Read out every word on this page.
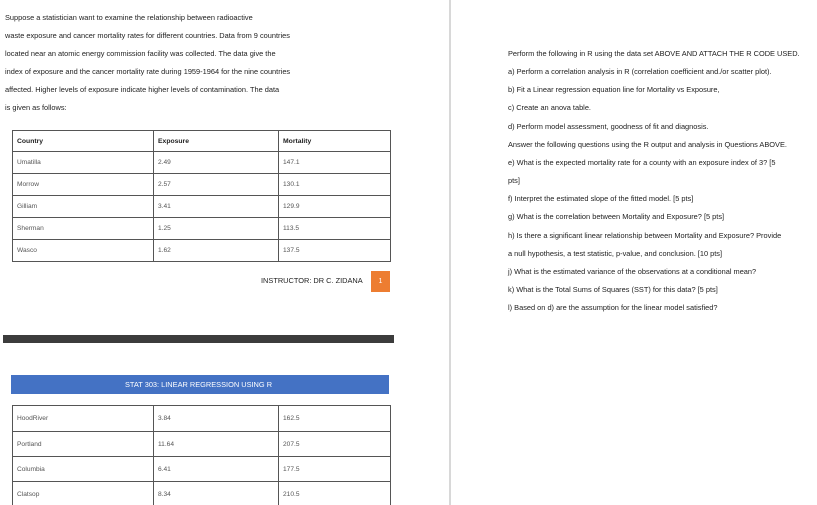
Suppose a statistician want to examine the relationship between radioactive

waste exposure and cancer mortality rates for different countries. Data from 9 countries

located near an atomic energy commission facility was collected. The data give the

index of exposure and the cancer mortality rate during 1959-1964 for the nine countries

affected. Higher levels of exposure indicate higher levels of contamination. The data

is given as follows:

Country	Exposure	Mortality
Umatilla	2.49	147.1
Morrow	2.57	130.1
Gilliam	3.41	129.9
Sherman	1.25	113.5
Wasco	1.62	137.5
INSTRUCTOR: DR C. ZIDANA	1
STAT 303: LINEAR REGRESSION USING R
HoodRiver	3.84	162.5
Portland	11.64	207.5
Columbia	6.41	177.5
Clatsop	8.34	210.5

Perform the following in R using the data set ABOVE AND ATTACH THE R CODE USED.

a) Perform a correlation analysis in R (correlation coefficient and./or scatter plot).

b) Fit a Linear regression equation line for Mortality vs Exposure,

c) Create an anova table.

d) Perform model assessment, goodness of fit and diagnosis.

Answer the following questions using the R output and analysis in Questions ABOVE.

e) What is the expected mortality rate for a county with an exposure index of 3? [5

pts]

f) Interpret the estimated slope of the fitted model. [5 pts]

g) What is the correlation between Mortality and Exposure? [5 pts]

h) Is there a significant linear relationship between Mortality and Exposure? Provide

a null hypothesis, a test statistic, p-value, and conclusion. [10 pts]

j) What is the estimated variance of the observations at a conditional mean?

k) What is the Total Sums of Squares (SST) for this data? [5 pts]

l) Based on d) are the assumption for the linear model satisfied?
